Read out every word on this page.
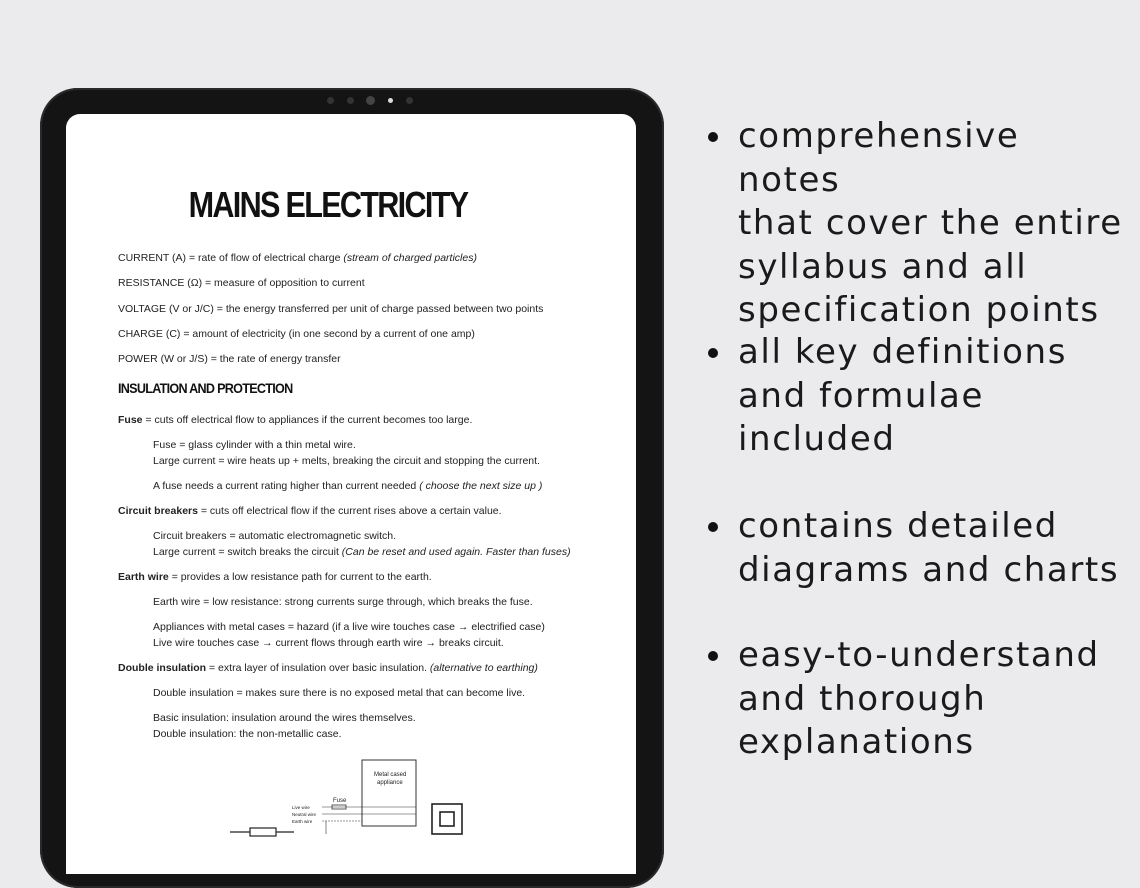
MAINS ELECTRICITY
CURRENT (A) = rate of flow of electrical charge (stream of charged particles)
RESISTANCE (Ω) = measure of opposition to current
VOLTAGE (V or J/C) = the energy transferred per unit of charge passed between two points
CHARGE (C) = amount of electricity (in one second by a current of one amp)
POWER (W or J/S) = the rate of energy transfer
INSULATION AND PROTECTION
Fuse = cuts off electrical flow to appliances if the current becomes too large.
Fuse = glass cylinder with a thin metal wire.
Large current = wire heats up + melts, breaking the circuit and stopping the current.
A fuse needs a current rating higher than current needed ( choose the next size up )
Circuit breakers = cuts off electrical flow if the current rises above a certain value.
Circuit breakers = automatic electromagnetic switch.
Large current = switch breaks the circuit (Can be reset and used again. Faster than fuses)
Earth wire = provides a low resistance path for current to the earth.
Earth wire = low resistance: strong currents surge through, which breaks the fuse.
Appliances with metal cases = hazard (if a live wire touches case → electrified case)
Live wire touches case → current flows through earth wire → breaks circuit.
Double insulation = extra layer of insulation over basic insulation. (alternative to earthing)
Double insulation = makes sure there is no exposed metal that can become live.
Basic insulation: insulation around the wires themselves.
Double insulation: the non-metallic case.
Metal cased
appliance
Fuse
Live wire
Neutral wire
Earth wire
comprehensive notes
that cover the entire
syllabus and all
specification points
all key definitions
and formulae
included
contains detailed
diagrams and charts
easy-to-understand
and thorough
explanations
